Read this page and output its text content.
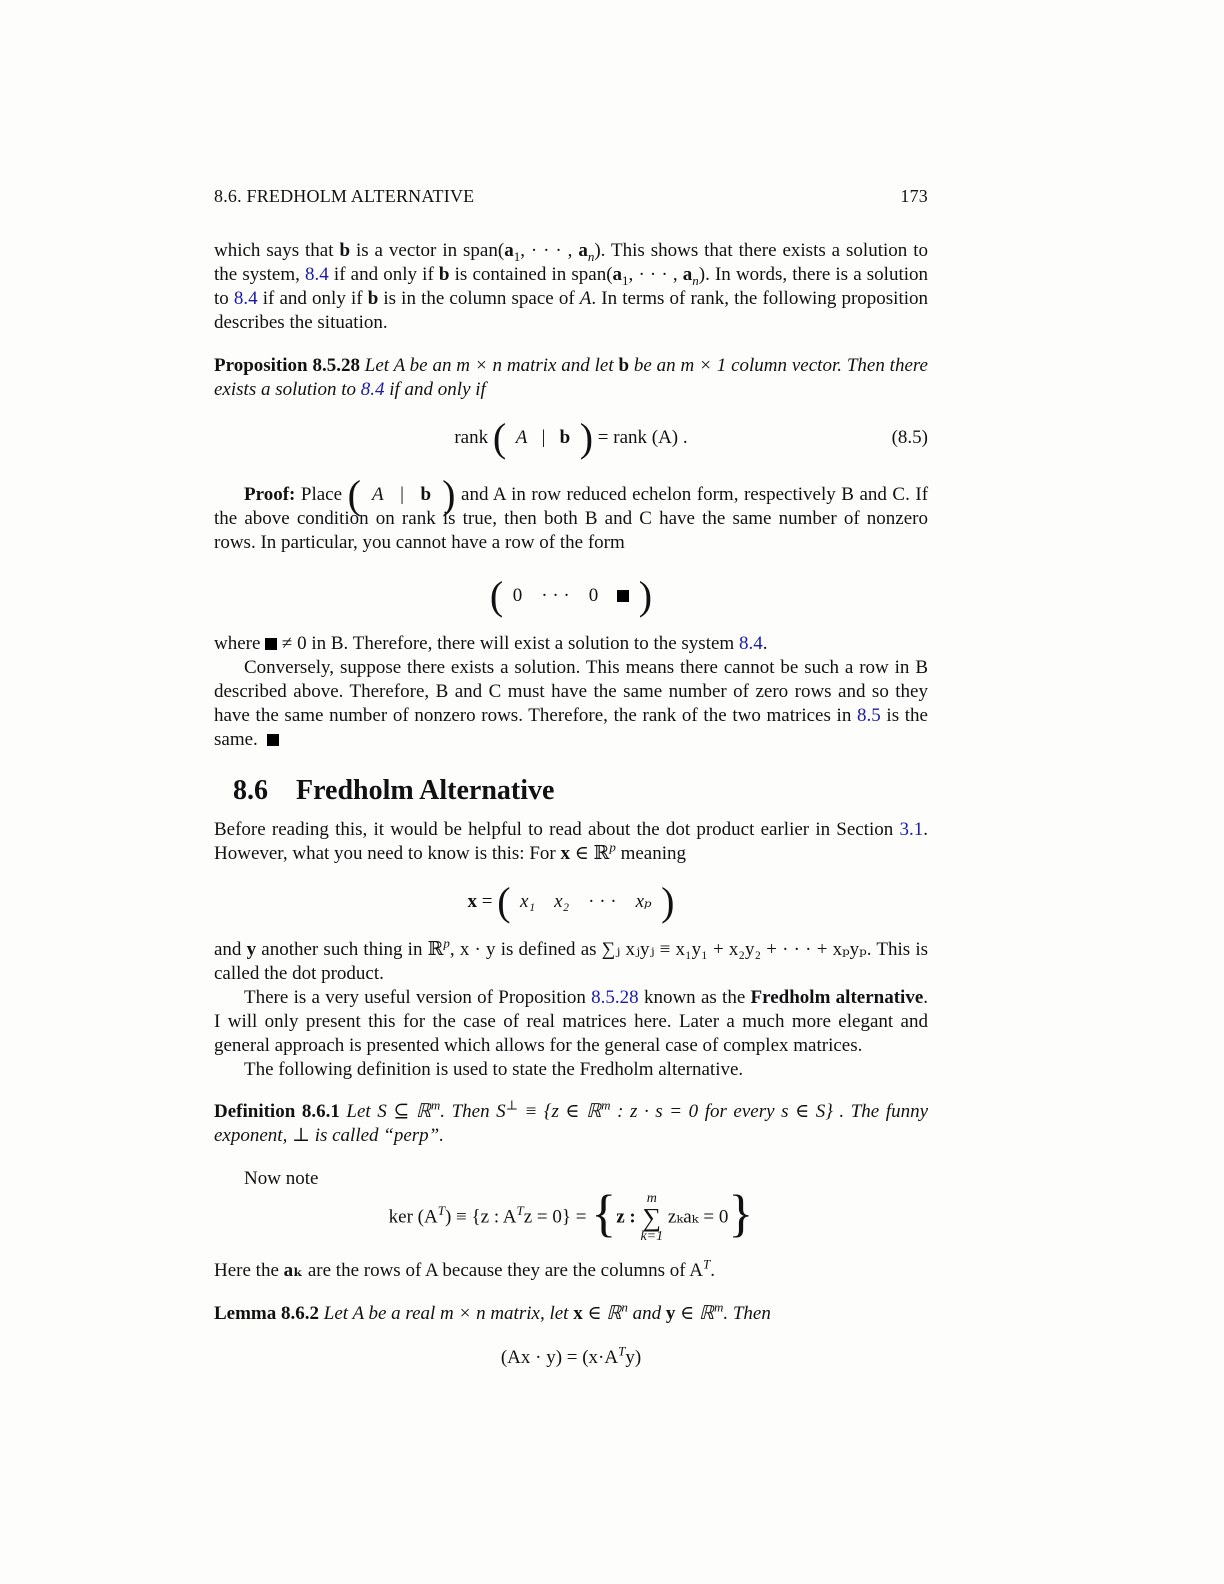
8.6. FREDHOLM ALTERNATIVE	173

which says that b is a vector in $span(a_1$, · · · , $a_n$). This shows that there exists a solution to the system, 8.4 if and only if b is contained in $span(a_1$, · · · , $a_n$). In words, there is a solution to 8.4 if and only if b is in the column space of A. In terms of rank, the following proposition describes the situation.

Proposition 8.5.28 Let A be an m × n matrix and let b be an m × 1 column vector. Then there exists a solution to 8.4 if and only if

rank ( A | b ) = rank (A) .	(8.5)

Proof: Place ( A | b ) and A in row reduced echelon form, respectively B and C. If the above condition on rank is true, then both B and C have the same number of nonzero rows. In particular, you cannot have a row of the form

( 0 · · · 0 )

where  ≠ 0 in B. Therefore, there will exist a solution to the system 8.4.

Conversely, suppose there exists a solution. This means there cannot be such a row in B described above. Therefore, B and C must have the same number of zero rows and so they have the same number of nonzero rows. Therefore, the rank of the two matrices in 8.5 is the same.

8.6 Fredholm Alternative

Before reading this, it would be helpful to read about the dot product earlier in Section 3.1. However, what you need to know is this: For x ∈ ℝ$^p$ meaning

x = ( x₁ x₂ · · · xₚ )

and y another such thing in ℝ$^p$, x · y is defined as ∑ⱼ xⱼyⱼ ≡ x₁y₁ + x₂y₂ + · · · + xₚyₚ. This is called the dot product.

There is a very useful version of Proposition 8.5.28 known as the Fredholm alternative. I will only present this for the case of real matrices here. Later a much more elegant and general approach is presented which allows for the general case of complex matrices.

The following definition is used to state the Fredholm alternative.

Definition 8.6.1 Let S ⊆ ℝ$^m$. Then S⊥ ≡ {z ∈ ℝ$^m$ : z · s = 0 for every s ∈ S} . The funny exponent, ⊥ is called “perp”.

Now note

ker $(A^T) \equiv \{z$ : $A^Tz = 0\} = \{z$ : m
∑
k=1 zₖaₖ = 0}

Here the aₖ are the rows of A because they are the columns of $A^T$.

Lemma 8.6.2 Let A be a real m × n matrix, let x ∈ ℝ$^n$ and y ∈ ℝ$^m$. Then

$(Ax \cdot y) = (x\cdot A^Ty)$
